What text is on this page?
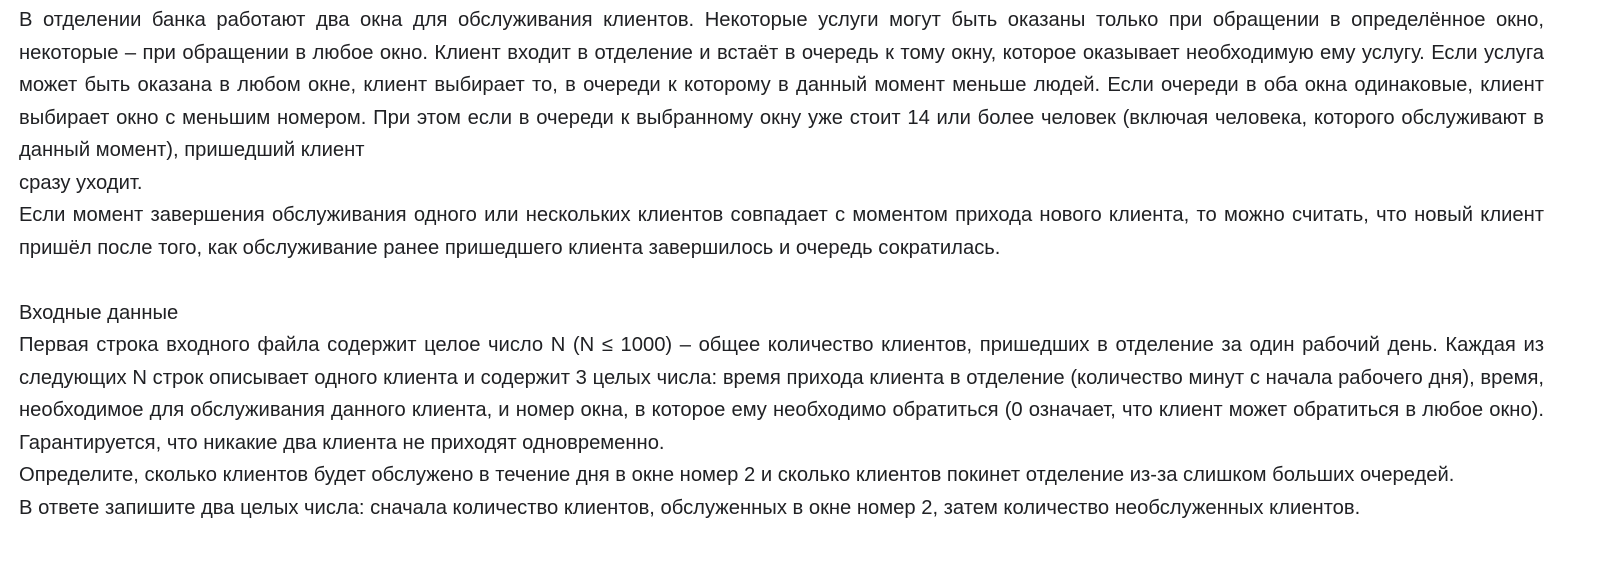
В отделении банка работают два окна для обслуживания клиентов. Некоторые услуги могут быть оказаны только при обращении в определённое окно, некоторые – при обращении в любое окно. Клиент входит в отделение и встаёт в очередь к тому окну, которое оказывает необходимую ему услугу. Если услуга может быть оказана в любом окне, клиент выбирает то, в очереди к которому в данный момент меньше людей. Если очереди в оба окна одинаковые, клиент выбирает окно с меньшим номером. При этом если в очереди к выбранному окну уже стоит 14 или более человек (включая человека, которого обслуживают в данный момент), пришедший клиент

сразу уходит.

Если момент завершения обслуживания одного или нескольких клиентов совпадает с моментом прихода нового клиента, то можно считать, что новый клиент пришёл после того, как обслуживание ранее пришедшего клиента завершилось и очередь сократилась.

Входные данные

Первая строка входного файла содержит целое число N (N ≤ 1000) – общее количество клиентов, пришедших в отделение за один рабочий день. Каждая из следующих N строк описывает одного клиента и содержит 3 целых числа: время прихода клиента в отделение (количество минут с начала рабочего дня), время, необходимое для обслуживания данного клиента, и номер окна, в которое ему необходимо обратиться (0 означает, что клиент может обратиться в любое окно). Гарантируется, что никакие два клиента не приходят одновременно.

Определите, сколько клиентов будет обслужено в течение дня в окне номер 2 и сколько клиентов покинет отделение из-за слишком больших очередей.

В ответе запишите два целых числа: сначала количество клиентов, обслуженных в окне номер 2, затем количество необслуженных клиентов.
